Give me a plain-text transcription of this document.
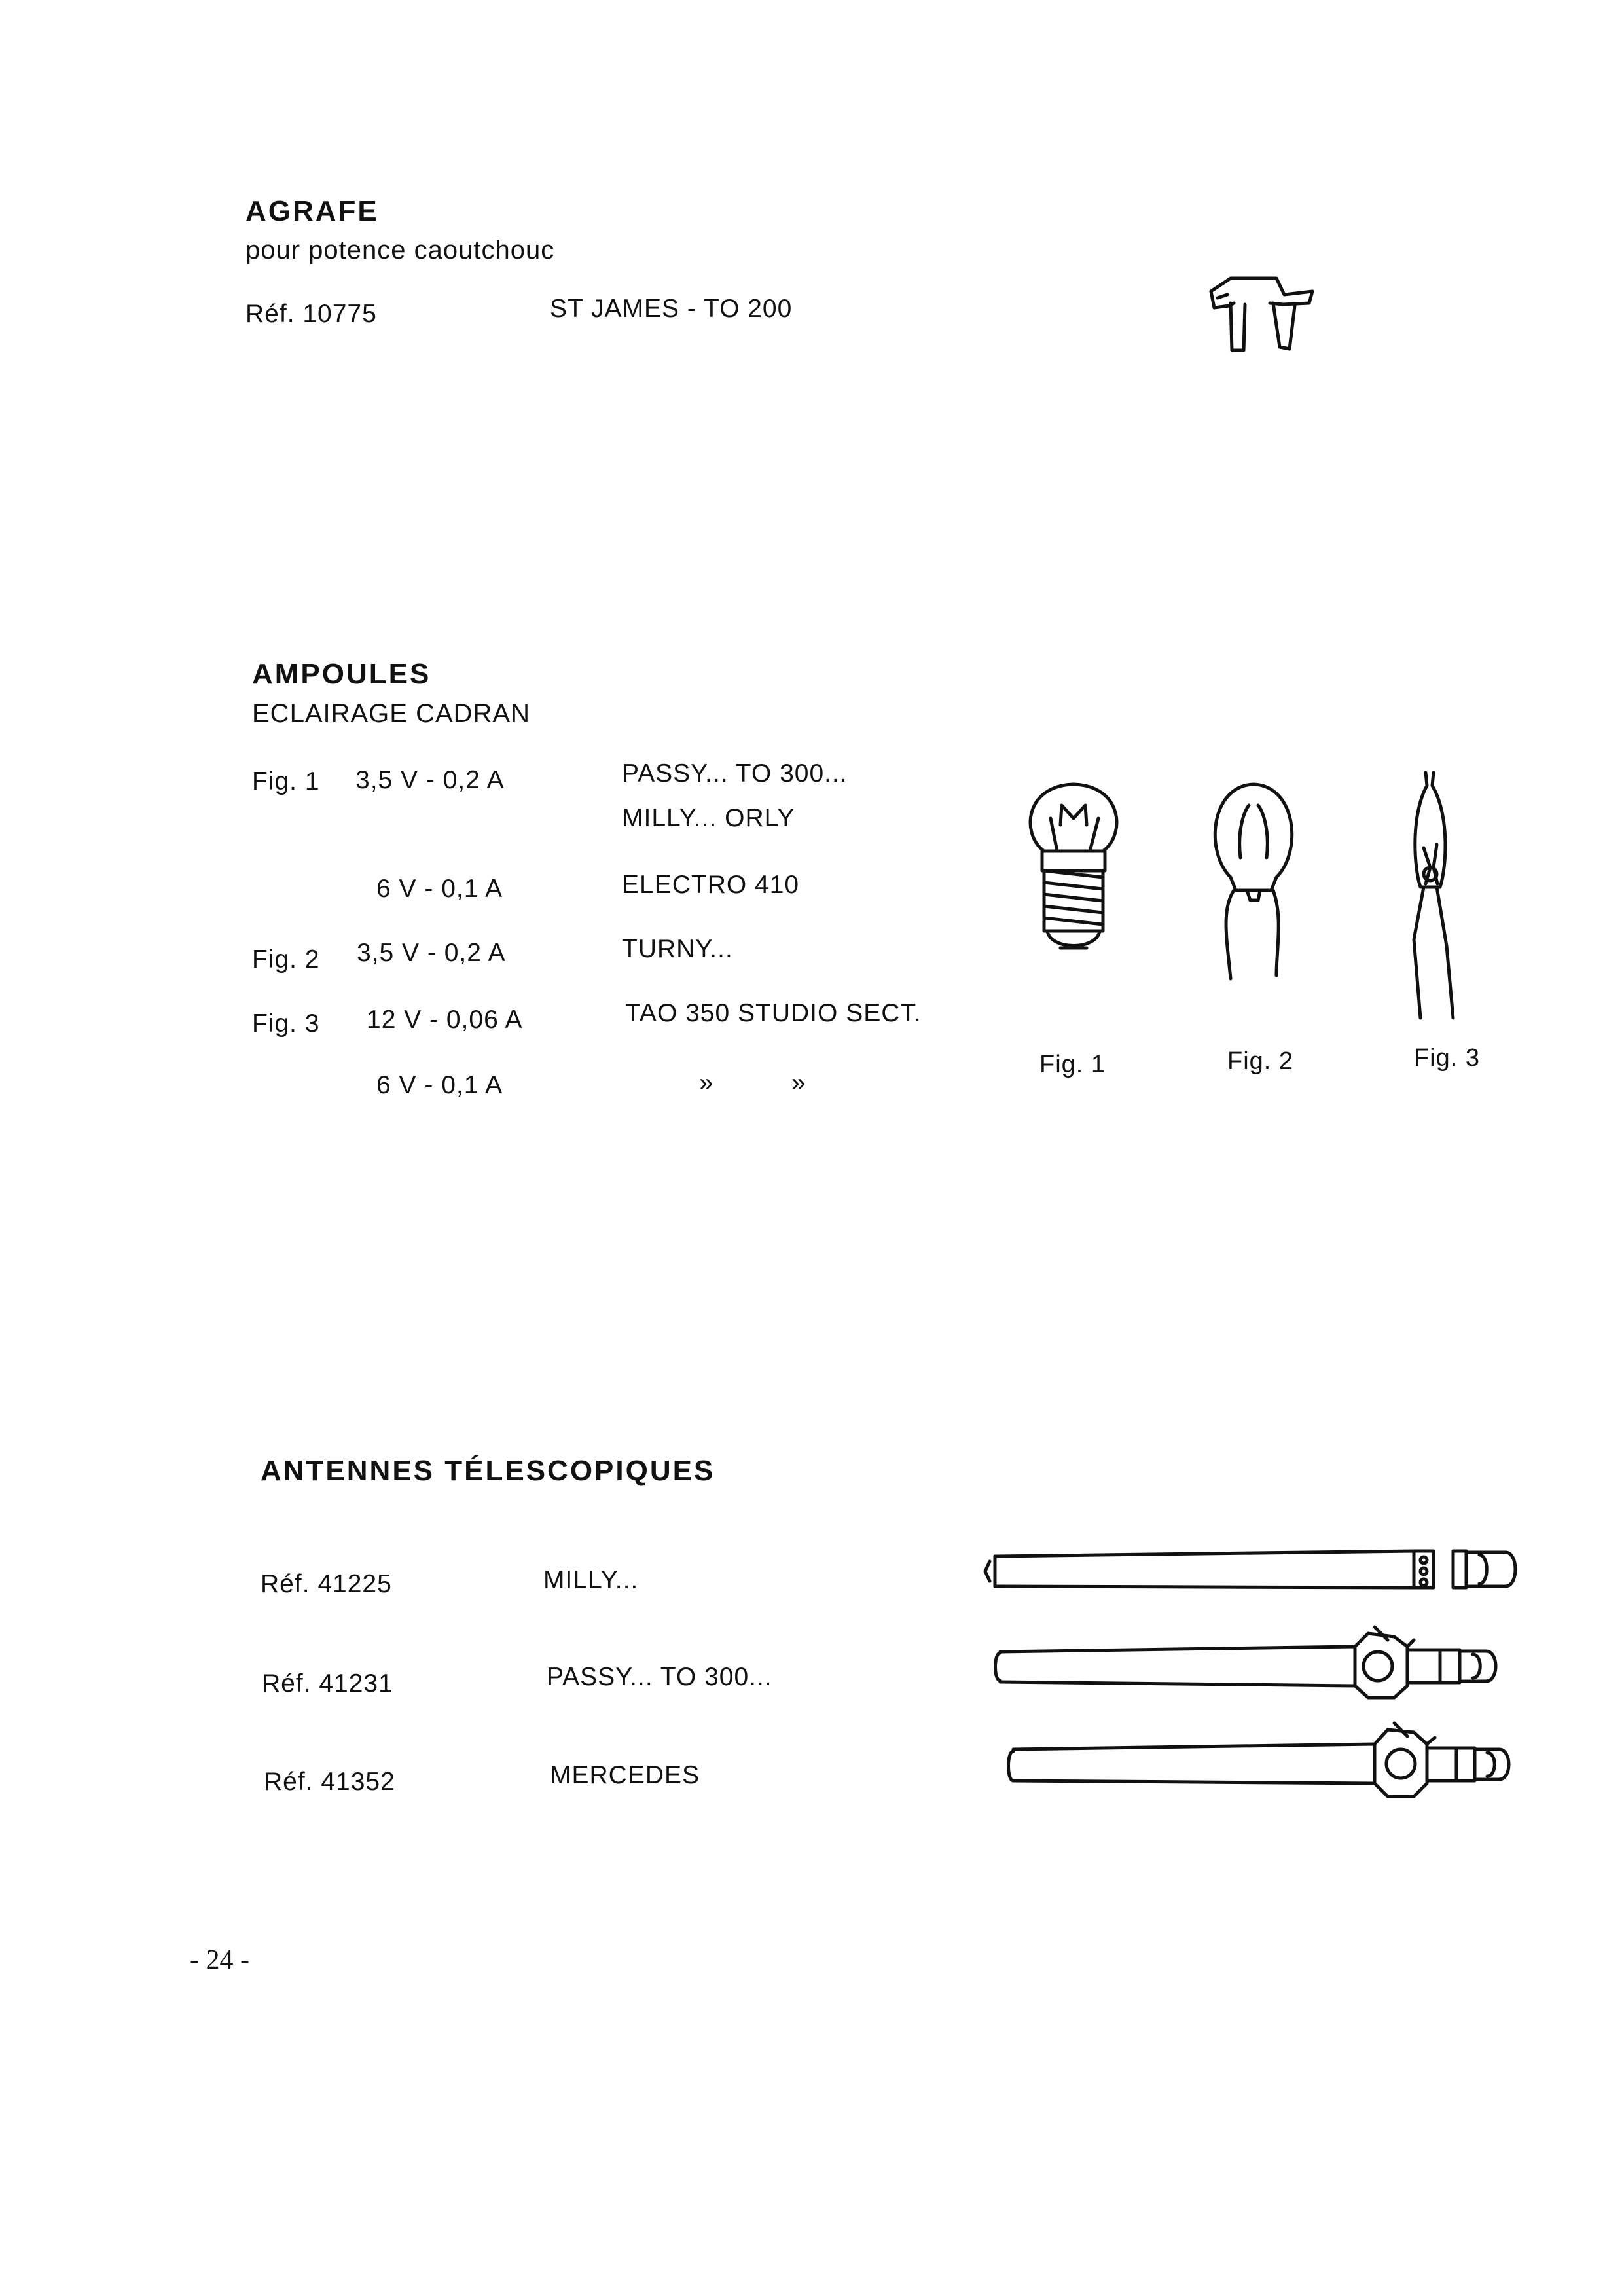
AGRAFE
pour potence caoutchouc
Réf. 10775	ST JAMES - TO 200
AMPOULES
ECLAIRAGE CADRAN
Fig. 1 3,5 V - 0,2 A	PASSY... TO 300...
MILLY... ORLY
6 V - 0,1 A	ELECTRO 410
Fig. 2 3,5 V - 0,2 A	TURNY...
Fig. 3 12 V - 0,06 A	TAO 350 STUDIO SECT.
6 V - 0,1 A	»          »
Fig. 1	Fig. 2	Fig. 3
ANTENNES TÉLESCOPIQUES
Réf. 41225	MILLY...
Réf. 41231	PASSY... TO 300...
Réf. 41352	MERCEDES
- 24 -
